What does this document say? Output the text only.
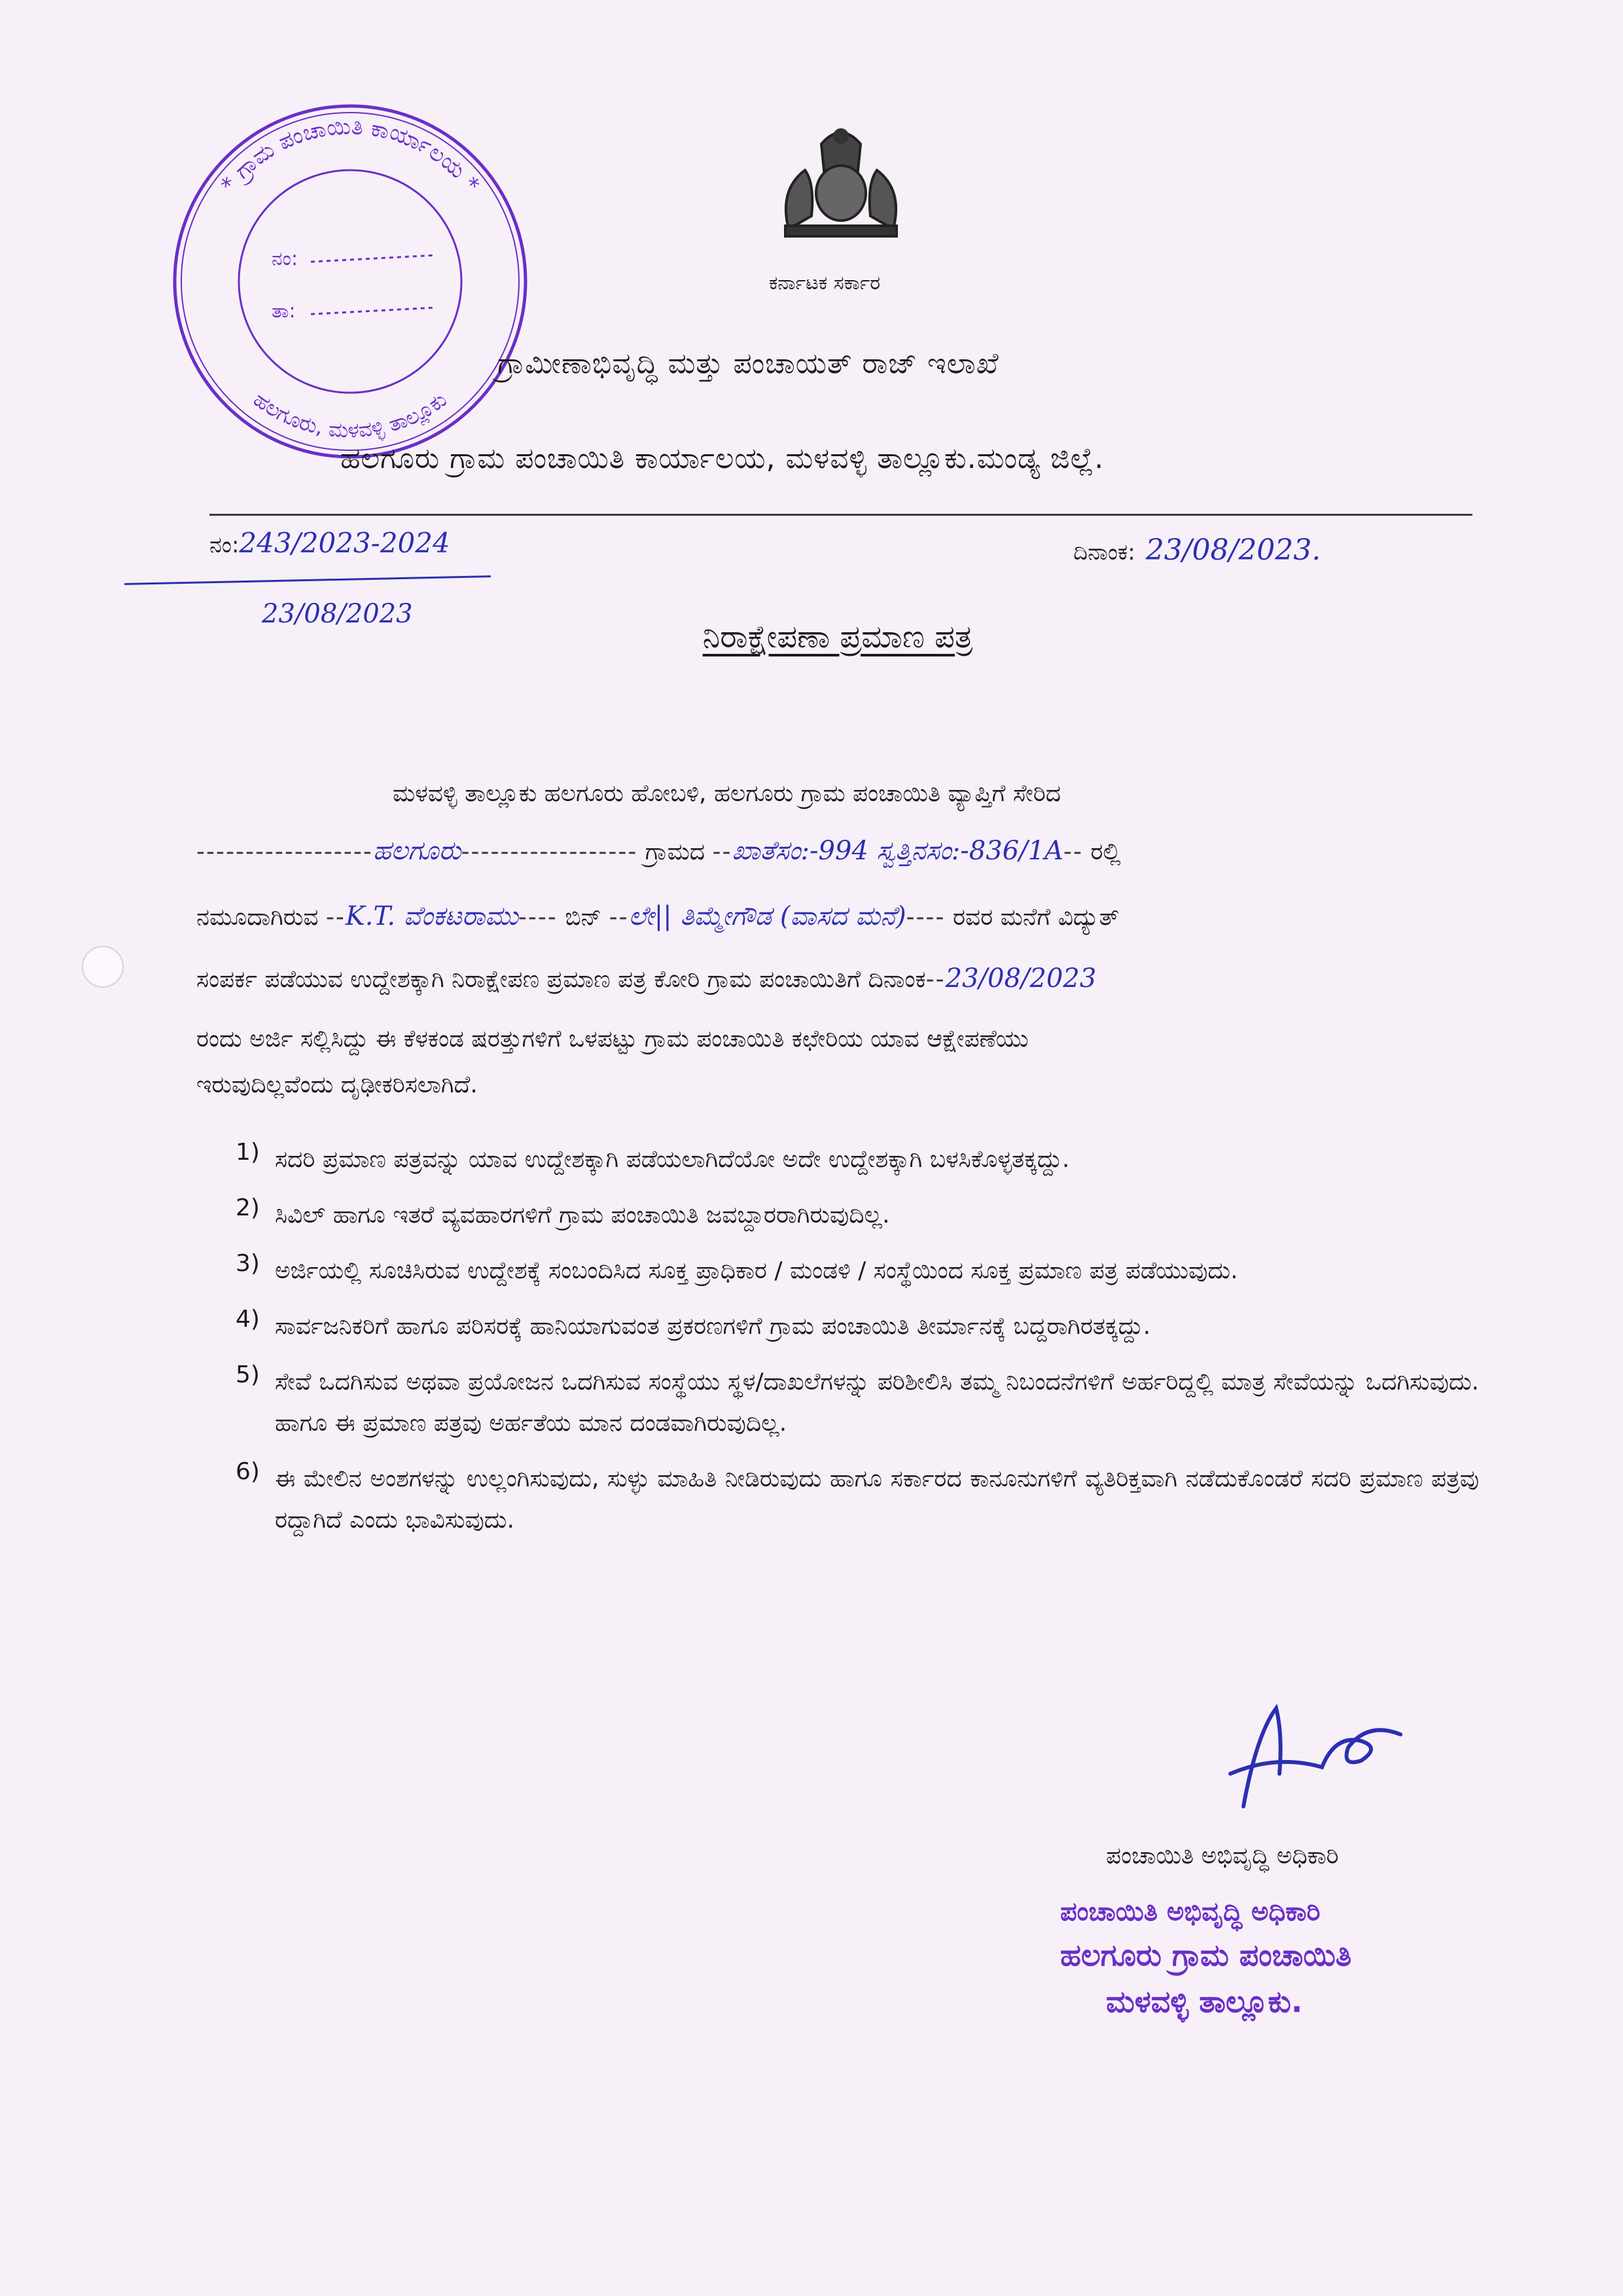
* ಗ್ರಾಮ ಪಂಚಾಯಿತಿ ಕಾರ್ಯಾಲಯ *
ಹಲಗೂರು, ಮಳವಳ್ಳಿ ತಾಲ್ಲೂಕು
ನಂ:
ತಾ:
ಕರ್ನಾಟಕ ಸರ್ಕಾರ
ಗ್ರಾಮೀಣಾಭಿವೃದ್ಧಿ ಮತ್ತು ಪಂಚಾಯತ್ ರಾಜ್ ಇಲಾಖೆ
ಹಲಗೂರು ಗ್ರಾಮ ಪಂಚಾಯಿತಿ ಕಾರ್ಯಾಲಯ, ಮಳವಳ್ಳಿ ತಾಲ್ಲೂಕು.ಮಂಡ್ಯ ಜಿಲ್ಲೆ.
ನಂ:243/2023-2024
23/08/2023
ದಿನಾಂಕ: 23/08/2023.
ನಿರಾಕ್ಷೇಪಣಾ ಪ್ರಮಾಣ ಪತ್ರ
ಮಳವಳ್ಳಿ ತಾಲ್ಲೂಕು ಹಲಗೂರು ಹೋಬಳಿ, ಹಲಗೂರು ಗ್ರಾಮ ಪಂಚಾಯಿತಿ ವ್ಯಾಪ್ತಿಗೆ ಸೇರಿದ
------------------ಹಲಗೂರು------------------ ಗ್ರಾಮದ --ಖಾತೆಸಂ:-994 ಸ್ವತ್ತಿನಸಂ:-836/1A-- ರಲ್ಲಿ
ನಮೂದಾಗಿರುವ --K.T. ವೆಂಕಟರಾಮು---- ಬಿನ್ --ಲೇ|| ತಿಮ್ಮೇಗೌಡ (ವಾಸದ ಮನೆ)---- ರವರ ಮನೆಗೆ ವಿದ್ಯುತ್
ಸಂಪರ್ಕ ಪಡೆಯುವ ಉದ್ದೇಶಕ್ಕಾಗಿ ನಿರಾಕ್ಷೇಪಣ ಪ್ರಮಾಣ ಪತ್ರ ಕೋರಿ ಗ್ರಾಮ ಪಂಚಾಯಿತಿಗೆ ದಿನಾಂಕ--23/08/2023
ರಂದು ಅರ್ಜಿ ಸಲ್ಲಿಸಿದ್ದು ಈ ಕೆಳಕಂಡ ಷರತ್ತುಗಳಿಗೆ ಒಳಪಟ್ಟು ಗ್ರಾಮ ಪಂಚಾಯಿತಿ ಕಛೇರಿಯ ಯಾವ ಆಕ್ಷೇಪಣೆಯು
ಇರುವುದಿಲ್ಲವೆಂದು ದೃಢೀಕರಿಸಲಾಗಿದೆ.
1) ಸದರಿ ಪ್ರಮಾಣ ಪತ್ರವನ್ನು ಯಾವ ಉದ್ದೇಶಕ್ಕಾಗಿ ಪಡೆಯಲಾಗಿದೆಯೋ ಅದೇ ಉದ್ದೇಶಕ್ಕಾಗಿ ಬಳಸಿಕೊಳ್ಳತಕ್ಕದ್ದು.
2) ಸಿವಿಲ್ ಹಾಗೂ ಇತರೆ ವ್ಯವಹಾರಗಳಿಗೆ ಗ್ರಾಮ ಪಂಚಾಯಿತಿ ಜವಬ್ದಾರರಾಗಿರುವುದಿಲ್ಲ.
3) ಅರ್ಜಿಯಲ್ಲಿ ಸೂಚಿಸಿರುವ ಉದ್ದೇಶಕ್ಕೆ ಸಂಬಂದಿಸಿದ ಸೂಕ್ತ ಪ್ರಾಧಿಕಾರ / ಮಂಡಳಿ / ಸಂಸ್ಥೆಯಿಂದ ಸೂಕ್ತ ಪ್ರಮಾಣ ಪತ್ರ ಪಡೆಯುವುದು.
4) ಸಾರ್ವಜನಿಕರಿಗೆ ಹಾಗೂ ಪರಿಸರಕ್ಕೆ ಹಾನಿಯಾಗುವಂತ ಪ್ರಕರಣಗಳಿಗೆ ಗ್ರಾಮ ಪಂಚಾಯಿತಿ ತೀರ್ಮಾನಕ್ಕೆ ಬದ್ದರಾಗಿರತಕ್ಕದ್ದು.
5) ಸೇವೆ ಒದಗಿಸುವ ಅಥವಾ ಪ್ರಯೋಜನ ಒದಗಿಸುವ ಸಂಸ್ಥೆಯು ಸ್ಥಳ/ದಾಖಲೆಗಳನ್ನು ಪರಿಶೀಲಿಸಿ ತಮ್ಮ ನಿಬಂದನೆಗಳಿಗೆ ಅರ್ಹರಿದ್ದಲ್ಲಿ ಮಾತ್ರ ಸೇವೆಯನ್ನು ಒದಗಿಸುವುದು. ಹಾಗೂ ಈ ಪ್ರಮಾಣ ಪತ್ರವು ಅರ್ಹತೆಯ ಮಾನ ದಂಡವಾಗಿರುವುದಿಲ್ಲ.
6) ಈ ಮೇಲಿನ ಅಂಶಗಳನ್ನು ಉಲ್ಲಂಗಿಸುವುದು, ಸುಳ್ಳು ಮಾಹಿತಿ ನೀಡಿರುವುದು ಹಾಗೂ ಸರ್ಕಾರದ ಕಾನೂನುಗಳಿಗೆ ವ್ಯತಿರಿಕ್ತವಾಗಿ ನಡೆದುಕೊಂಡರೆ ಸದರಿ ಪ್ರಮಾಣ ಪತ್ರವು ರದ್ದಾಗಿದೆ ಎಂದು ಭಾವಿಸುವುದು.
ಪಂಚಾಯಿತಿ ಅಭಿವೃದ್ಧಿ ಅಧಿಕಾರಿ
ಪಂಚಾಯಿತಿ ಅಭಿವೃದ್ಧಿ ಅಧಿಕಾರಿ
ಹಲಗೂರು ಗ್ರಾಮ ಪಂಚಾಯಿತಿ
ಮಳವಳ್ಳಿ ತಾಲ್ಲೂಕು.
